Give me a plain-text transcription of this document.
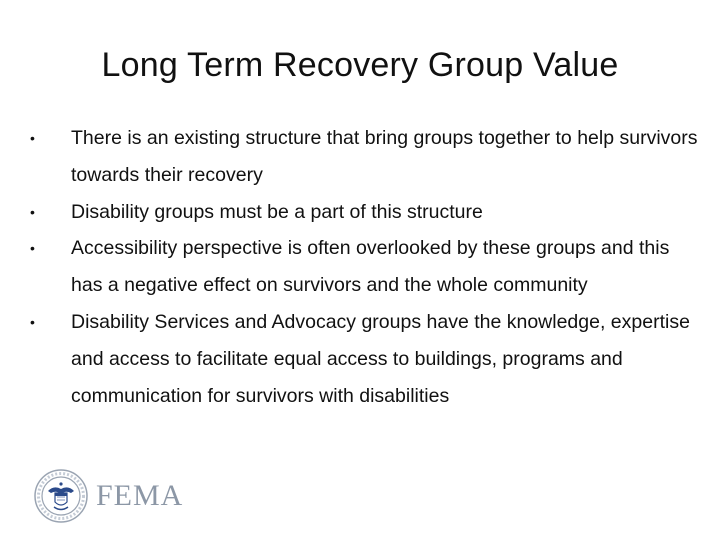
Long Term Recovery Group Value
• There is an existing structure that bring groups together to help survivors towards their recovery
• Disability groups must be a part of this structure
• Accessibility perspective is often overlooked by these groups and this has a negative effect on survivors and the whole community
• Disability Services and Advocacy groups have the knowledge, expertise and access to facilitate equal access to buildings, programs and communication for survivors with disabilities
FEMA
